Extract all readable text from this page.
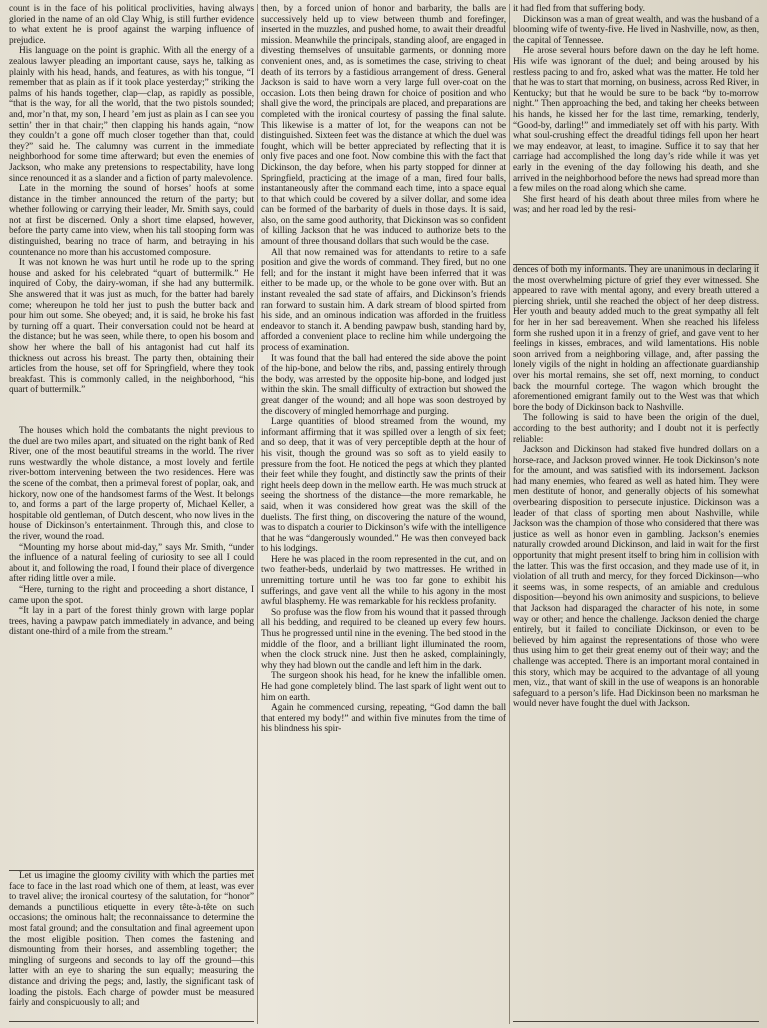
count is in the face of his political proclivities, having always gloried in the name of an old Clay Whig, is still further evidence to what extent he is proof against the warping influence of prejudice.

His language on the point is graphic. With all the energy of a zealous lawyer pleading an important cause, says he, talking as plainly with his head, hands, and features, as with his tongue, “I remember that as plain as if it took place yesterday;” striking the palms of his hands together, clap—clap, as rapidly as possible, “that is the way, for all the world, that the two pistols sounded; and, mor’n that, my son, I heard ’em just as plain as I can see you settin’ ther in that chair;” then clapping his hands again, “now they couldn’t a gone off much closer together than that, could they?” said he. The calumny was current in the immediate neighborhood for some time afterward; but even the enemies of Jackson, who make any pretensions to respectability, have long since renounced it as a slander and a fiction of party malevolence.

Late in the morning the sound of horses’ hoofs at some distance in the timber announced the return of the party; but whether following or carrying their leader, Mr. Smith says, could not at first be discerned. Only a short time elapsed, however, before the party came into view, when his tall stooping form was distinguished, bearing no trace of harm, and betraying in his countenance no more than his accustomed composure.

It was not known he was hurt until he rode up to the spring house and asked for his celebrated “quart of buttermilk.” He inquired of Coby, the dairy-woman, if she had any buttermilk. She answered that it was just as much, for the batter had barely come; whereupon he told her just to push the butter back and pour him out some. She obeyed; and, it is said, he broke his fast by turning off a quart. Their conversation could not be heard at the distance; but he was seen, while there, to open his bosom and show her where the ball of his antagonist had cut half its thickness out across his breast. The party then, obtaining their articles from the house, set off for Springfield, where they took breakfast. This is commonly called, in the neighborhood, “his quart of buttermilk.”

The houses which hold the combatants the night previous to the duel are two miles apart, and situated on the right bank of Red River, one of the most beautiful streams in the world. The river runs westwardly the whole distance, a most lovely and fertile river-bottom intervening between the two residences. Here was the scene of the combat, then a primeval forest of poplar, oak, and hickory, now one of the handsomest farms of the West. It belongs to, and forms a part of the large property of, Michael Keller, a hospitable old gentleman, of Dutch descent, who now lives in the house of Dickinson’s entertainment. Through this, and close to the river, wound the road.

“Mounting my horse about mid-day,” says Mr. Smith, “under the influence of a natural feeling of curiosity to see all I could about it, and following the road, I found their place of divergence after riding little over a mile.

“Here, turning to the right and proceeding a short distance, I came upon the spot.

“It lay in a part of the forest thinly grown with large poplar trees, having a pawpaw patch immediately in advance, and being distant one-third of a mile from the stream.”

Let us imagine the gloomy civility with which the parties met face to face in the last road which one of them, at least, was ever to travel alive; the ironical courtesy of the salutation, for “honor” demands a punctilious etiquette in every tête-à-tête on such occasions; the ominous halt; the reconnaissance to determine the most fatal ground; and the consultation and final agreement upon the most eligible position. Then comes the fastening and dismounting from their horses, and assembling together; the mingling of surgeons and seconds to lay off the ground—this latter with an eye to sharing the sun equally; measuring the distance and driving the pegs; and, lastly, the significant task of loading the pistols. Each charge of powder must be measured fairly and conspicuously to all; and

then, by a forced union of honor and barbarity, the balls are successively held up to view between thumb and forefinger, inserted in the muzzles, and pushed home, to await their dreadful mission. Meanwhile the principals, standing aloof, are engaged in divesting themselves of unsuitable garments, or donning more convenient ones, and, as is sometimes the case, striving to cheat death of its terrors by a fastidious arrangement of dress. General Jackson is said to have worn a very large full over-coat on the occasion. Lots then being drawn for choice of position and who shall give the word, the principals are placed, and preparations are completed with the ironical courtesy of passing the final salute. This likewise is a matter of lot, for the weapons can not be distinguished. Sixteen feet was the distance at which the duel was fought, which will be better appreciated by reflecting that it is only five paces and one foot. Now combine this with the fact that Dickinson, the day before, when his party stopped for dinner at Springfield, practicing at the image of a man, fired four balls, instantaneously after the command each time, into a space equal to that which could be covered by a silver dollar, and some idea can be formed of the barbarity of duels in those days. It is said, also, on the same good authority, that Dickinson was so confident of killing Jackson that he was induced to authorize bets to the amount of three thousand dollars that such would be the case.

All that now remained was for attendants to retire to a safe position and give the words of command. They fired, but no one fell; and for the instant it might have been inferred that it was either to be made up, or the whole to be gone over with. But an instant revealed the sad state of affairs, and Dickinson’s friends ran forward to sustain him. A dark stream of blood spirted from his side, and an ominous indication was afforded in the fruitless endeavor to stanch it. A bending pawpaw bush, standing hard by, afforded a convenient place to recline him while undergoing the process of examination.

It was found that the ball had entered the side above the point of the hip-bone, and below the ribs, and, passing entirely through the body, was arrested by the opposite hip-bone, and lodged just within the skin. The small difficulty of extraction but showed the great danger of the wound; and all hope was soon destroyed by the discovery of mingled hemorrhage and purging.

Large quantities of blood streamed from the wound, my informant affirming that it was spilled over a length of six feet; and so deep, that it was of very perceptible depth at the hour of his visit, though the ground was so soft as to yield easily to pressure from the foot. He noticed the pegs at which they planted their feet while they fought, and distinctly saw the prints of their right heels deep down in the mellow earth. He was much struck at seeing the shortness of the distance—the more remarkable, he said, when it was considered how great was the skill of the duelists. The first thing, on discovering the nature of the wound, was to dispatch a courier to Dickinson’s wife with the intelligence that he was “dangerously wounded.” He was then conveyed back to his lodgings.

Here he was placed in the room represented in the cut, and on two feather-beds, underlaid by two mattresses. He writhed in unremitting torture until he was too far gone to exhibit his sufferings, and gave vent all the while to his agony in the most awful blasphemy. He was remarkable for his reckless profanity.

So profuse was the flow from his wound that it passed through all his bedding, and required to be cleaned up every few hours. Thus he progressed until nine in the evening. The bed stood in the middle of the floor, and a brilliant light illuminated the room, when the clock struck nine. Just then he asked, complainingly, why they had blown out the candle and left him in the dark.

The surgeon shook his head, for he knew the infallible omen. He had gone completely blind. The last spark of light went out to him on earth.

Again he commenced cursing, repeating, “God damn the ball that entered my body!” and within five minutes from the time of his blindness his spir-

it had fled from that suffering body.

Dickinson was a man of great wealth, and was the husband of a blooming wife of twenty-five. He lived in Nashville, now, as then, the capital of Tennessee.

He arose several hours before dawn on the day he left home. His wife was ignorant of the duel; and being aroused by his restless pacing to and fro, asked what was the matter. He told her that he was to start that morning, on business, across Red River, in Kentucky; but that he would be sure to be back “by to-morrow night.” Then approaching the bed, and taking her cheeks between his hands, he kissed her for the last time, remarking, tenderly, “Good-by, darling!” and immediately set off with his party. With what soul-crushing effect the dreadful tidings fell upon her heart we may endeavor, at least, to imagine. Suffice it to say that her carriage had accomplished the long day’s ride while it was yet early in the evening of the day following his death, and she arrived in the neighborhood before the news had spread more than a few miles on the road along which she came.

She first heard of his death about three miles from where he was; and her road led by the resi-

dences of both my informants. They are unanimous in declaring it the most overwhelming picture of grief they ever witnessed. She appeared to rave with mental agony, and every breath uttered a piercing shriek, until she reached the object of her deep distress. Her youth and beauty added much to the great sympathy all felt for her in her sad bereavement. When she reached his lifeless form she rushed upon it in a frenzy of grief, and gave vent to her feelings in kisses, embraces, and wild lamentations. His noble soon arrived from a neighboring village, and, after passing the lonely vigils of the night in holding an affectionate guardianship over his mortal remains, she set off, next morning, to conduct back the mournful cortege. The wagon which brought the aforementioned emigrant family out to the West was that which bore the body of Dickinson back to Nashville.

The following is said to have been the origin of the duel, according to the best authority; and I doubt not it is perfectly reliable:

Jackson and Dickinson had staked five hundred dollars on a horse-race, and Jackson proved winner. He took Dickinson’s note for the amount, and was satisfied with its indorsement. Jackson had many enemies, who feared as well as hated him. They were men destitute of honor, and generally objects of his somewhat overbearing disposition to persecute injustice. Dickinson was a leader of that class of sporting men about Nashville, while Jackson was the champion of those who considered that there was justice as well as honor even in gambling. Jackson’s enemies naturally crowded around Dickinson, and laid in wait for the first opportunity that might present itself to bring him in collision with the latter. This was the first occasion, and they made use of it, in violation of all truth and mercy, for they forced Dickinson—who it seems was, in some respects, of an amiable and credulous disposition—beyond his own animosity and suspicions, to believe that Jackson had disparaged the character of his note, in some way or other; and hence the challenge. Jackson denied the charge entirely, but it failed to conciliate Dickinson, or even to be believed by him against the representations of those who were thus using him to get their great enemy out of their way; and the challenge was accepted. There is an important moral contained in this story, which may be acquired to the advantage of all young men, viz., that want of skill in the use of weapons is an honorable safeguard to a person’s life. Had Dickinson been no marksman he would never have fought the duel with Jackson.
